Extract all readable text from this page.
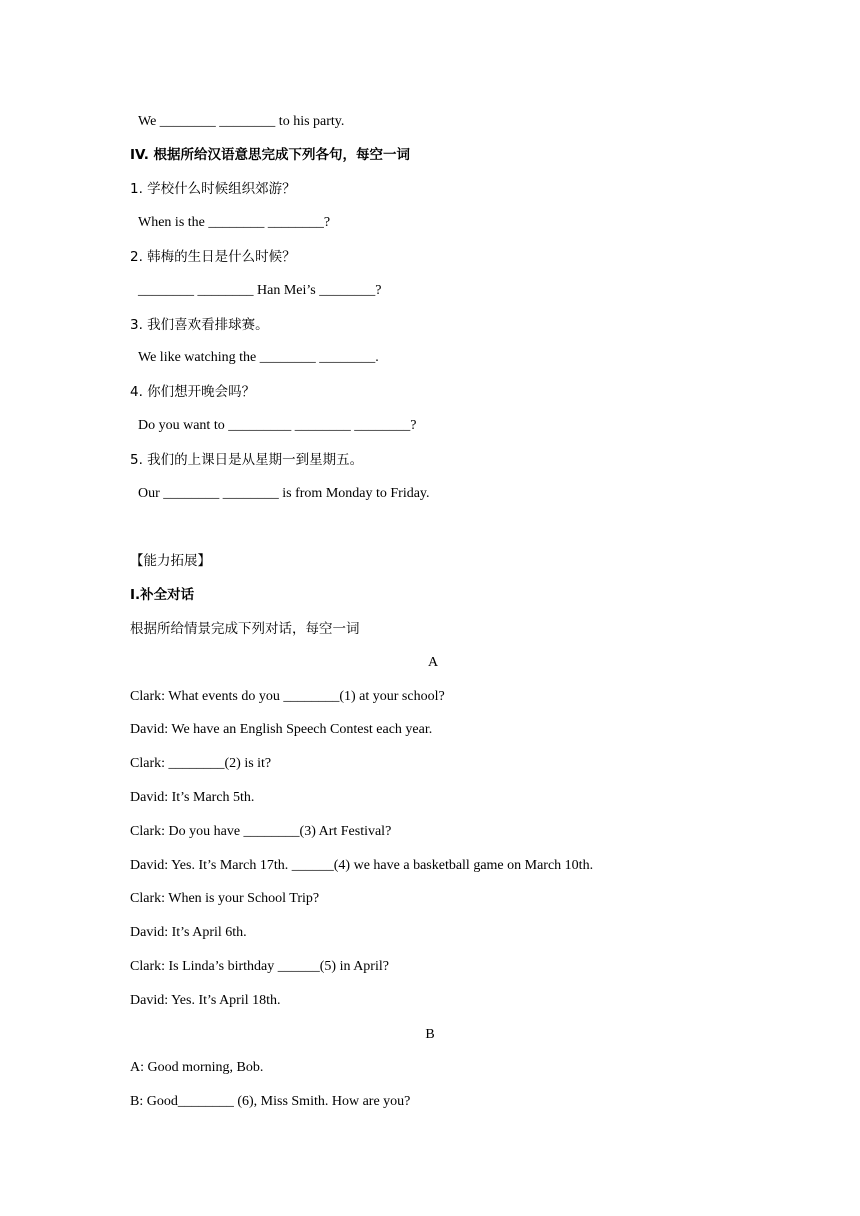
We ________ ________ to his party.
IV. 根据所给汉语意思完成下列各句，每空一词
1. 学校什么时候组织郊游？
When is the ________ ________?
2. 韩梅的生日是什么时候？
________ ________ Han Mei’s ________?
3. 我们喜欢看排球赛。
We like watching the ________ ________.
4. 你们想开晚会吗？
Do you want to _________ ________ ________?
5. 我们的上课日是从星期一到星期五。
Our ________ ________ is from Monday to Friday.
【能力拓展】
I.补全对话
根据所给情景完成下列对话，每空一词
A
Clark: What events do you ________(1) at your school?
David: We have an English Speech Contest each year.
Clark: ________(2) is it?
David: It’s March 5th.
Clark: Do you have ________(3) Art Festival?
David: Yes. It’s March 17th. ______(4) we have a basketball game on March 10th.
Clark: When is your School Trip?
David: It’s April 6th.
Clark: Is Linda’s birthday ______(5) in April?
David: Yes. It’s April 18th.
B
A: Good morning, Bob.
B: Good________ (6), Miss Smith. How are you?
